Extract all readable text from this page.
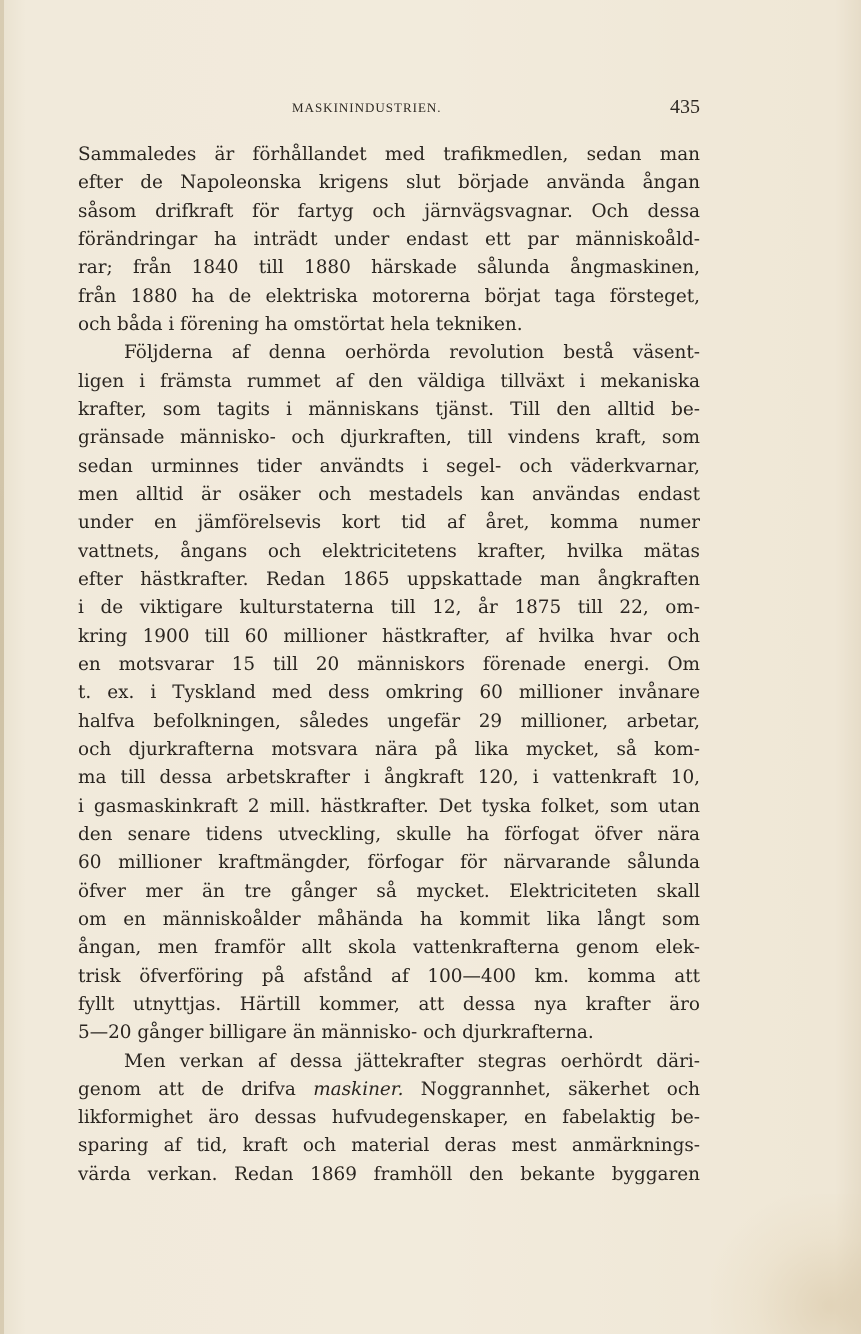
MASKININDUSTRIEN.	435
Sammaledes är förhållandet med trafikmedlen, sedan man
efter de Napoleonska krigens slut började använda ångan
såsom drifkraft för fartyg och järnvägsvagnar. Och dessa
förändringar ha inträdt under endast ett par människoåld-
rar; från 1840 till 1880 härskade sålunda ångmaskinen,
från 1880 ha de elektriska motorerna börjat taga försteget,
och båda i förening ha omstörtat hela tekniken.
Följderna af denna oerhörda revolution bestå väsent-
ligen i främsta rummet af den väldiga tillväxt i mekaniska
krafter, som tagits i människans tjänst. Till den alltid be-
gränsade människo- och djurkraften, till vindens kraft, som
sedan urminnes tider användts i segel- och väderkvarnar,
men alltid är osäker och mestadels kan användas endast
under en jämförelsevis kort tid af året, komma numer
vattnets, ångans och elektricitetens krafter, hvilka mätas
efter hästkrafter. Redan 1865 uppskattade man ångkraften
i de viktigare kulturstaterna till 12, år 1875 till 22, om-
kring 1900 till 60 millioner hästkrafter, af hvilka hvar och
en motsvarar 15 till 20 människors förenade energi. Om
t. ex. i Tyskland med dess omkring 60 millioner invånare
halfva befolkningen, således ungefär 29 millioner, arbetar,
och djurkrafterna motsvara nära på lika mycket, så kom-
ma till dessa arbetskrafter i ångkraft 120, i vattenkraft 10,
i gasmaskinkraft 2 mill. hästkrafter. Det tyska folket, som utan
den senare tidens utveckling, skulle ha förfogat öfver nära
60 millioner kraftmängder, förfogar för närvarande sålunda
öfver mer än tre gånger så mycket. Elektriciteten skall
om en människoålder måhända ha kommit lika långt som
ångan, men framför allt skola vattenkrafterna genom elek-
trisk öfverföring på afstånd af 100—400 km. komma att
fyllt utnyttjas. Härtill kommer, att dessa nya krafter äro
5—20 gånger billigare än människo- och djurkrafterna.
Men verkan af dessa jättekrafter stegras oerhördt däri-
genom att de drifva maskiner. Noggrannhet, säkerhet och
likformighet äro dessas hufvudegenskaper, en fabelaktig be-
sparing af tid, kraft och material deras mest anmärknings-
värda verkan. Redan 1869 framhöll den bekante byggaren
